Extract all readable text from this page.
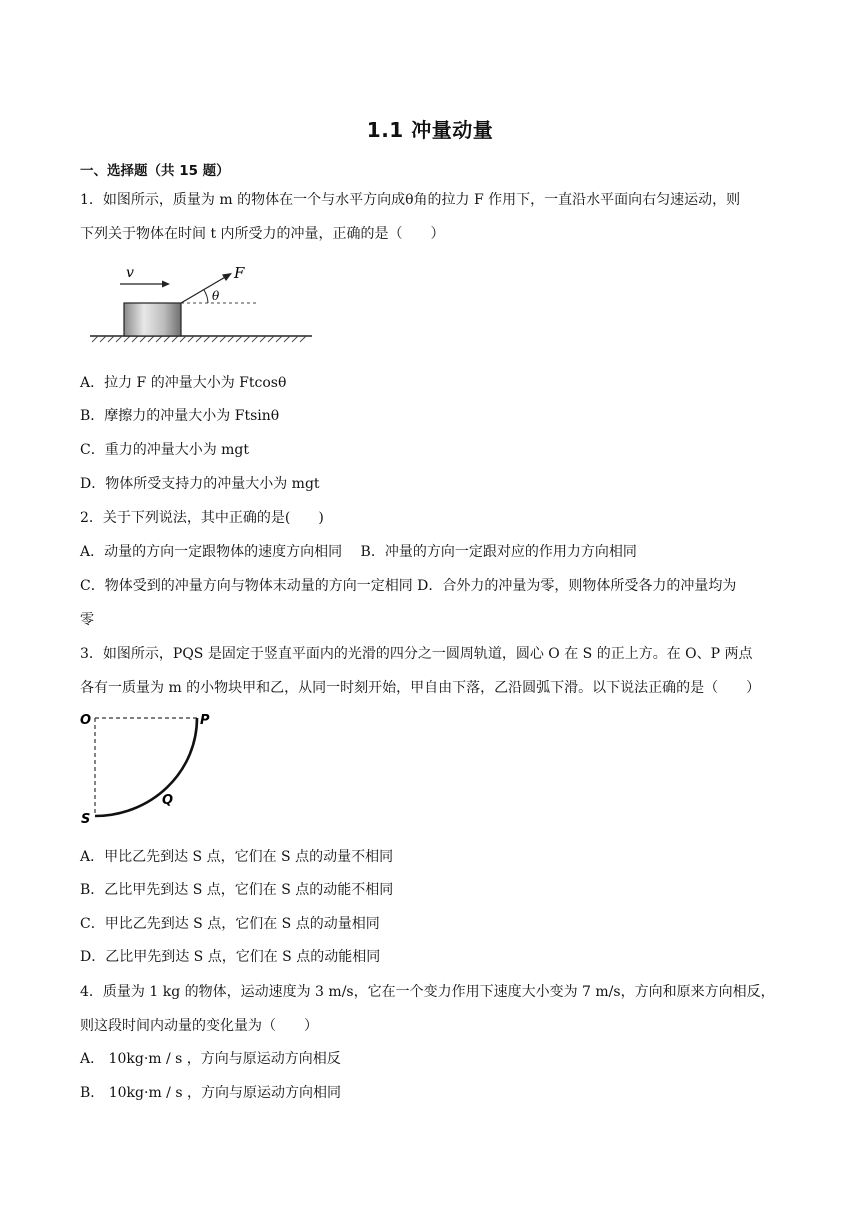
1.1 冲量动量
一、选择题（共 15 题）
1．如图所示，质量为 m 的物体在一个与水平方向成θ角的拉力 F 作用下，一直沿水平面向右匀速运动，则
下列关于物体在时间 t 内所受力的冲量，正确的是（　　）
v	F
θ
A．拉力 F 的冲量大小为 Ftcosθ
B．摩擦力的冲量大小为 Ftsinθ
C．重力的冲量大小为 mgt
D．物体所受支持力的冲量大小为 mgt
2．关于下列说法，其中正确的是(　　)
A．动量的方向一定跟物体的速度方向相同　 B．冲量的方向一定跟对应的作用力方向相同
C．物体受到的冲量方向与物体末动量的方向一定相同 D．合外力的冲量为零，则物体所受各力的冲量均为
零
3．如图所示，PQS 是固定于竖直平面内的光滑的四分之一圆周轨道，圆心 O 在 S 的正上方。在 O、P 两点
各有一质量为 m 的小物块甲和乙，从同一时刻开始，甲自由下落，乙沿圆弧下滑。以下说法正确的是（　　）
O	P
Q
S
A．甲比乙先到达 S 点，它们在 S 点的动量不相同
B．乙比甲先到达 S 点，它们在 S 点的动能不相同
C．甲比乙先到达 S 点，它们在 S 点的动量相同
D．乙比甲先到达 S 点，它们在 S 点的动能相同
4．质量为 1 kg 的物体，运动速度为 3 m/s，它在一个变力作用下速度大小变为 7 m/s，方向和原来方向相反，
则这段时间内动量的变化量为（　　）
A． 10kg·m / s ，方向与原运动方向相反
B． 10kg·m / s ，方向与原运动方向相同
